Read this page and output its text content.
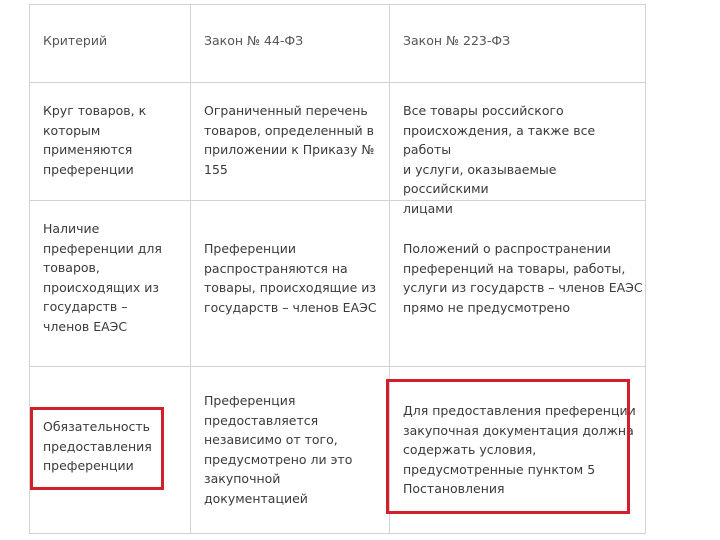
Критерий	Закон № 44-ФЗ	Закон № 223-ФЗ
Круг товаров, к
которым
применяются
преференции
Ограниченный перечень
товаров, определенный в
приложении к Приказу №
155
Все товары российского
происхождения, а также все работы
и услуги, оказываемые российскими
лицами
Наличие
преференции для
товаров,
происходящих из
государств –
членов ЕАЭС
Преференции
распространяются на
товары, происходящие из
государств – членов ЕАЭС
Положений о распространении
преференций на товары, работы,
услуги из государств – членов ЕАЭС
прямо не предусмотрено
Обязательность
предоставления
преференции
Преференция
предоставляется
независимо от того,
предусмотрено ли это
закупочной
документацией
Для предоставления преференции
закупочная документация должна
содержать условия,
предусмотренные пунктом 5
Постановления
